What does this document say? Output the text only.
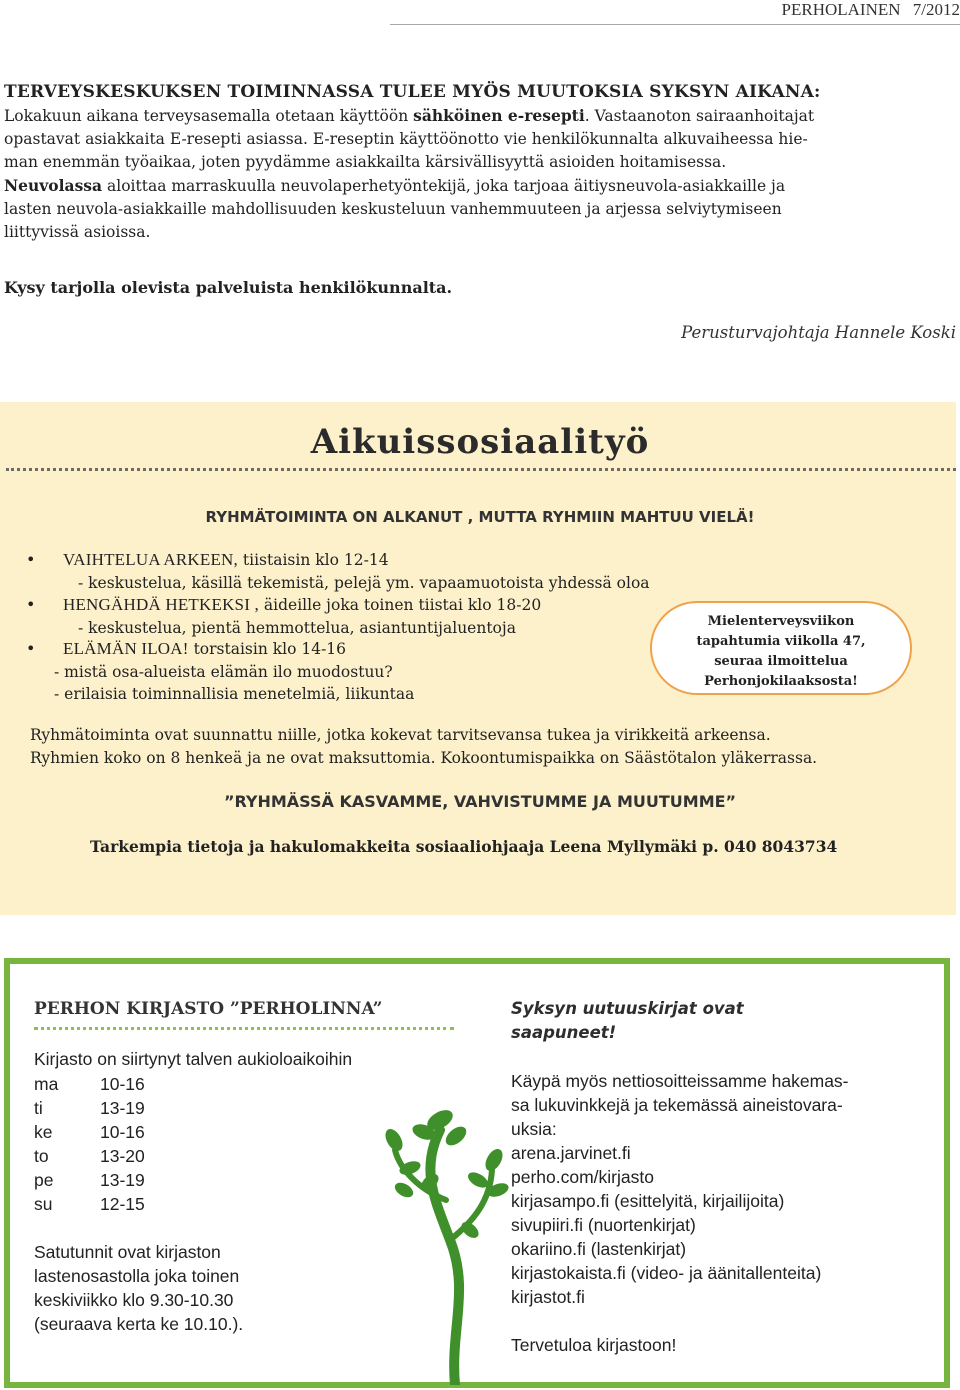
PERHOLAINEN 7/2012
TERVEYSKESKUKSEN TOIMINNASSA TULEE MYÖS MUUTOKSIA SYKSYN AIKANA:
Lokakuun aikana terveysasemalla otetaan käyttöön sähköinen e-resepti. Vastaanoton sairaanhoitajat
opastavat asiakkaita E-resepti asiassa. E-reseptin käyttöönotto vie henkilökunnalta alkuvaiheessa hie-
man enemmän työaikaa, joten pyydämme asiakkailta kärsivällisyyttä asioiden hoitamisessa.
Neuvolassa aloittaa marraskuulla neuvolaperhetyöntekijä, joka tarjoaa äitiysneuvola-asiakkaille ja
lasten neuvola-asiakkaille mahdollisuuden keskusteluun vanhemmuuteen ja arjessa selviytymiseen
liittyvissä asioissa.
Kysy tarjolla olevista palveluista henkilökunnalta.
Perusturvajohtaja Hannele Koski
Aikuissosiaalityö
RYHMÄTOIMINTA ON ALKANUT , MUTTA RYHMIIN MAHTUU VIELÄ!
• VAIHTELUA ARKEEN, tiistaisin klo 12-14
- keskustelua, käsillä tekemistä, pelejä ym. vapaamuotoista yhdessä oloa
• HENGÄHDÄ HETKEKSI , äideille joka toinen tiistai klo 18-20
- keskustelua, pientä hemmottelua, asiantuntijaluentoja
• ELÄMÄN ILOA! torstaisin klo 14-16
- mistä osa-alueista elämän ilo muodostuu?
- erilaisia toiminnallisia menetelmiä, liikuntaa
Mielenterveysviikon
tapahtumia viikolla 47,
seuraa ilmoittelua
Perhonjokilaaksosta!
Ryhmätoiminta ovat suunnattu niille, jotka kokevat tarvitsevansa tukea ja virikkeitä arkeensa.
Ryhmien koko on 8 henkeä ja ne ovat maksuttomia. Kokoontumispaikka on Säästötalon yläkerrassa.
”RYHMÄSSÄ KASVAMME, VAHVISTUMME JA MUUTUMME”
Tarkempia tietoja ja hakulomakkeita sosiaaliohjaaja Leena Myllymäki p. 040 8043734
PERHON KIRJASTO ”PERHOLINNA”
Kirjasto on siirtynyt talven aukioloaikoihin
ma	10-16
ti	13-19
ke	10-16
to	13-20
pe	13-19
su	12-15
Satutunnit ovat kirjaston
lastenosastolla joka toinen
keskiviikko klo 9.30-10.30
(seuraava kerta ke 10.10.).
Syksyn uutuuskirjat ovat
saapuneet!
Käypä myös nettiosoitteissamme hakemas-
sa lukuvinkkejä ja tekemässä aineistovara-
uksia:
arena.jarvinet.fi
perho.com/kirjasto
kirjasampo.fi (esittelyitä, kirjailijoita)
sivupiiri.fi (nuortenkirjat)
okariino.fi (lastenkirjat)
kirjastokaista.fi (video- ja äänitallenteita)
kirjastot.fi
Tervetuloa kirjastoon!
